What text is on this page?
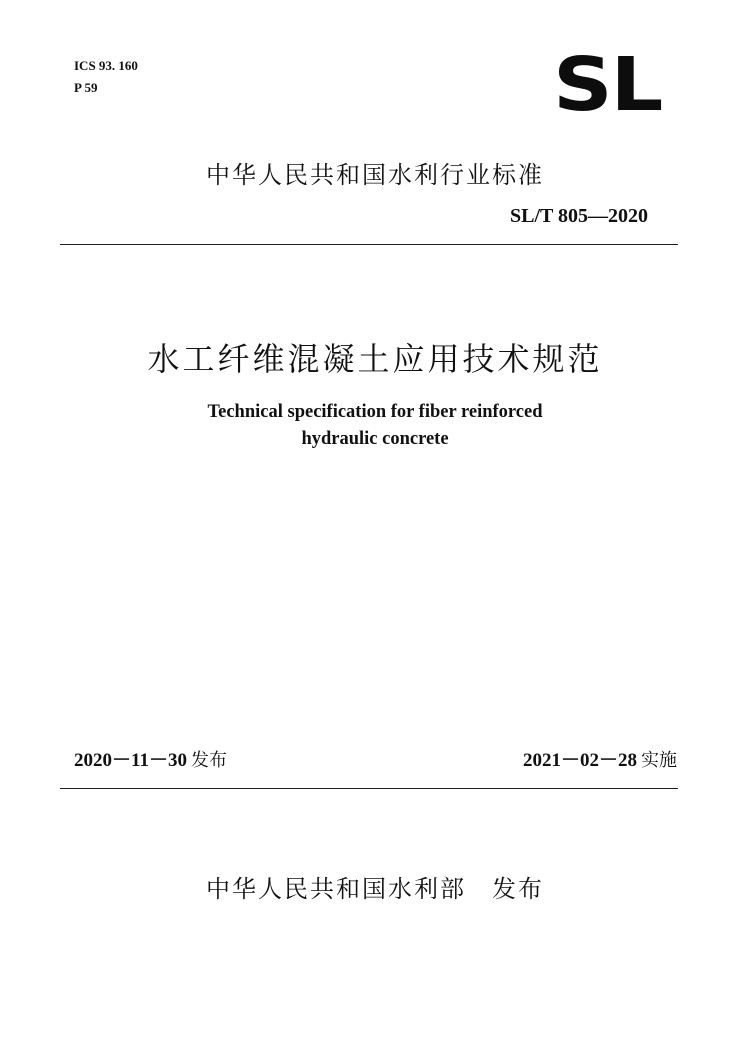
ICS 93. 160
P 59	SL
中华人民共和国水利行业标准
SL/T 805—2020
水工纤维混凝土应用技术规范
Technical specification for fiber reinforced
hydraulic concrete
2020－11－30 发布	2021－02－28 实施
中华人民共和国水利部　发布
